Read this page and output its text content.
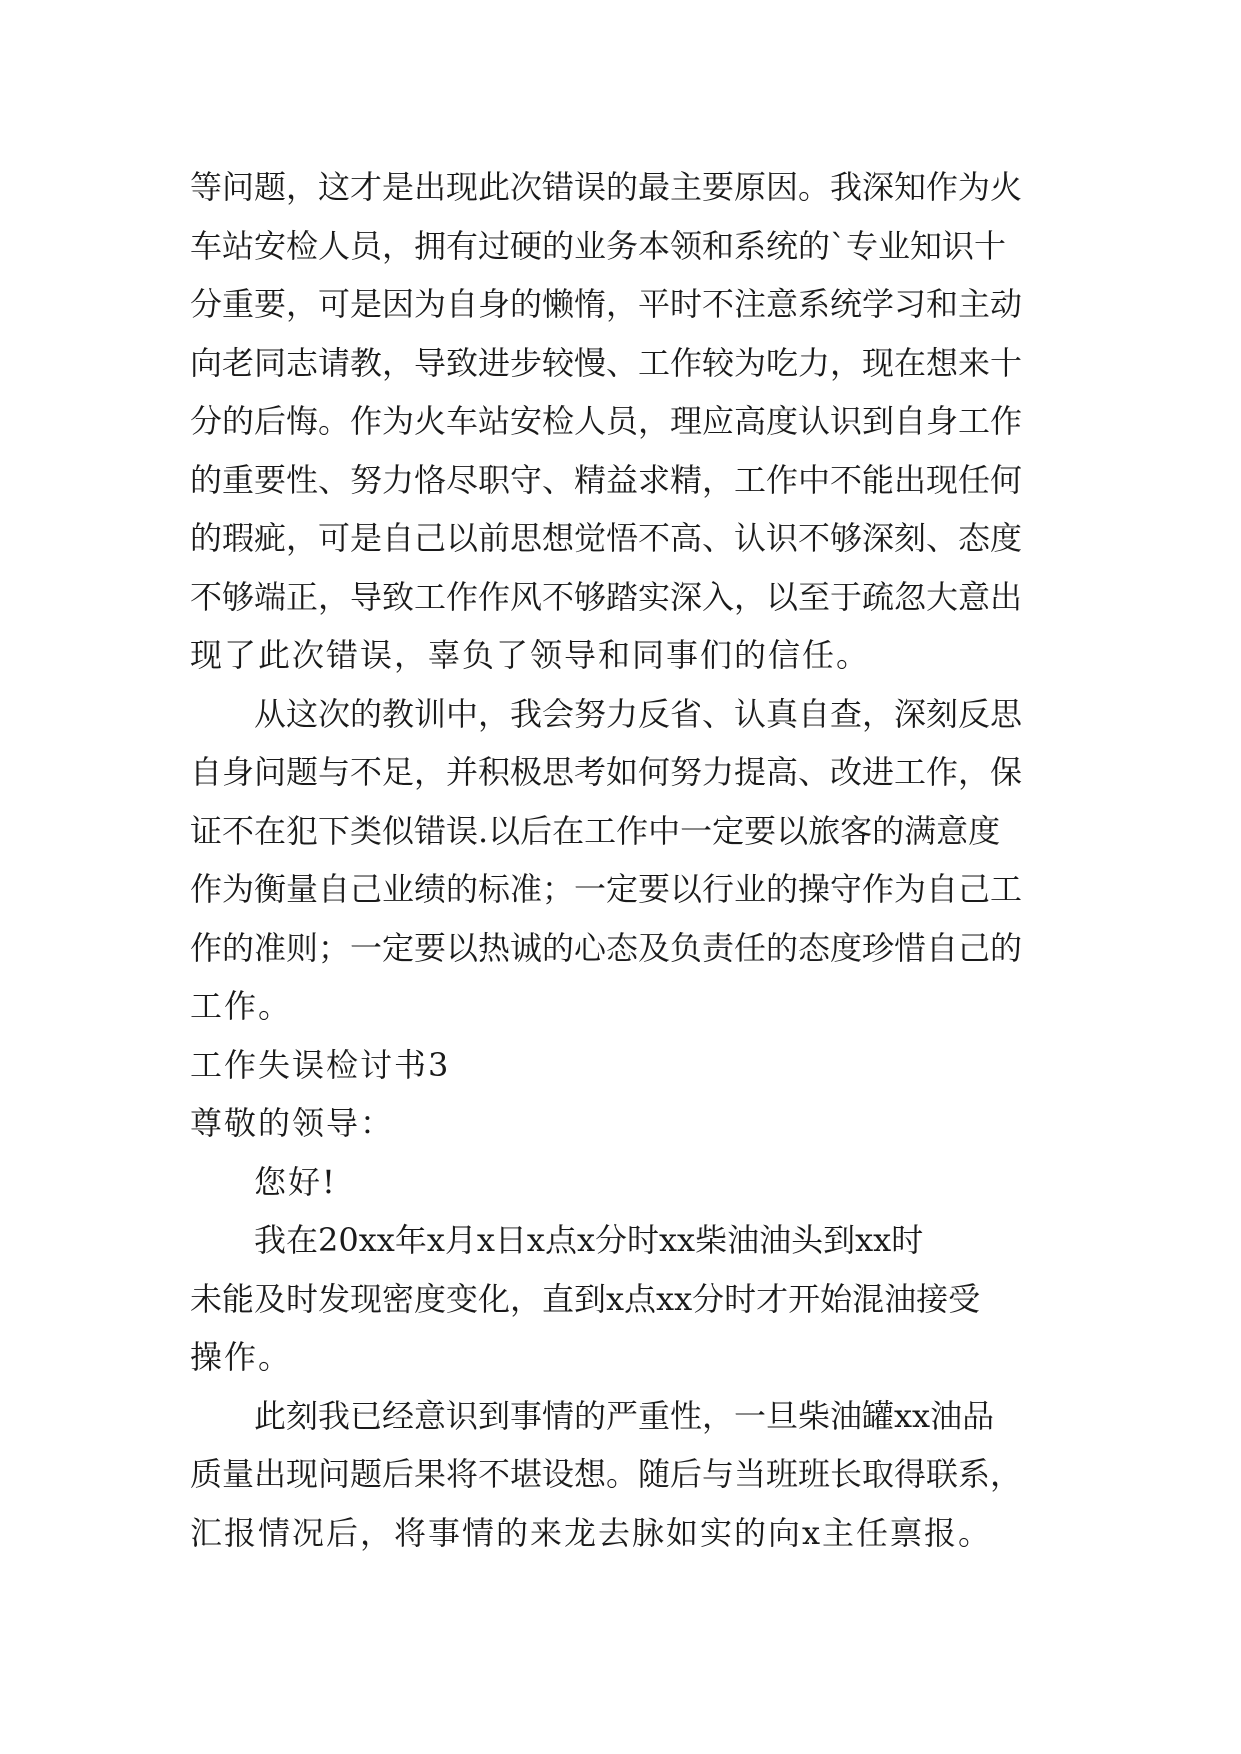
等问题，这才是出现此次错误的最主要原因。我深知作为火
车站安检人员，拥有过硬的业务本领和系统的`专业知识十
分重要，可是因为自身的懒惰，平时不注意系统学习和主动
向老同志请教，导致进步较慢、工作较为吃力，现在想来十
分的后悔。作为火车站安检人员，理应高度认识到自身工作
的重要性、努力恪尽职守、精益求精，工作中不能出现任何
的瑕疵，可是自己以前思想觉悟不高、认识不够深刻、态度
不够端正，导致工作作风不够踏实深入，以至于疏忽大意出
现了此次错误，辜负了领导和同事们的信任。
从这次的教训中，我会努力反省、认真自查，深刻反思
自身问题与不足，并积极思考如何努力提高、改进工作，保
证不在犯下类似错误.以后在工作中一定要以旅客的满意度
作为衡量自己业绩的标准；一定要以行业的操守作为自己工
作的准则；一定要以热诚的心态及负责任的态度珍惜自己的
工作。
工作失误检讨书3
尊敬的领导：
您好!
我在20xx年x月x日x点x分时xx柴油油头到xx时
未能及时发现密度变化，直到x点xx分时才开始混油接受
操作。
此刻我已经意识到事情的严重性，一旦柴油罐xx油品
质量出现问题后果将不堪设想。随后与当班班长取得联系，
汇报情况后，将事情的来龙去脉如实的向x主任禀报。
